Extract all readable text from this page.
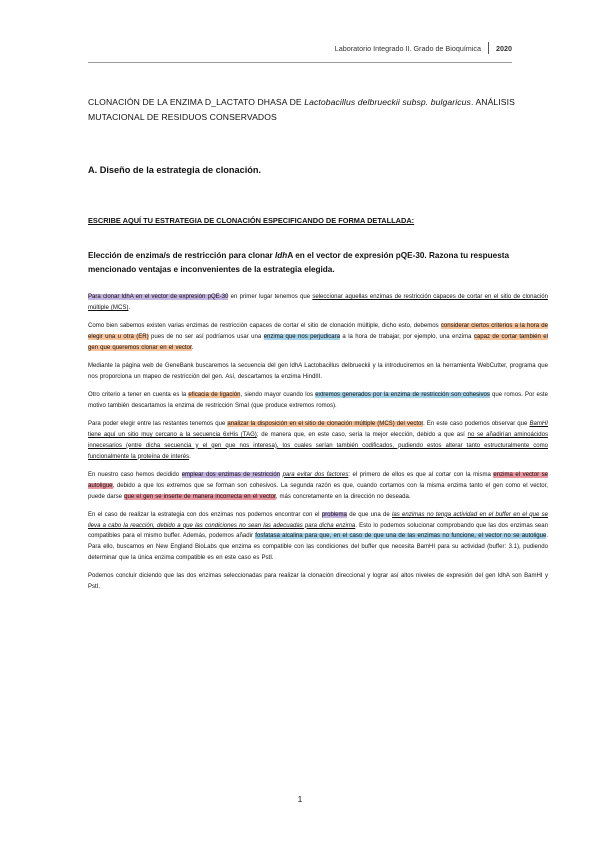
Laboratorio Integrado II. Grado de Bioquímica 2020
CLONACIÓN DE LA ENZIMA D_LACTATO DHASA DE Lactobacillus delbrueckii subsp. bulgaricus. ANÁLISIS MUTACIONAL DE RESIDUOS CONSERVADOS
A. Diseño de la estrategia de clonación.
ESCRIBE AQUÍ TU ESTRATEGIA DE CLONACIÓN ESPECIFICANDO DE FORMA DETALLADA:
Elección de enzima/s de restricción para clonar ldhA en el vector de expresión pQE-30. Razona tu respuesta mencionado ventajas e inconvenientes de la estrategia elegida.

Para clonar ldhA en el vector de expresión pQE-30 en primer lugar tenemos que seleccionar aquellas enzimas de restricción capaces de cortar en el sitio de clonación múltiple (MCS).

Como bien sabemos existen varias enzimas de restricción capaces de cortar el sitio de clonación múltiple, dicho esto, debemos considerar ciertos criterios a la hora de elegir una u otra (ER) pues de no ser así podríamos usar una enzima que nos perjudicara a la hora de trabajar, por ejemplo, una enzima capaz de cortar también el gen que queremos clonar en el vector.

Mediante la página web de GeneBank buscaremos la secuencia del gen ldhA Lactobacillus delbrueckii y la introduciremos en la herramienta WebCutter, programa que nos proporciona un mapeo de restricción del gen. Así, descartamos la enzima HindIII.

Otro criterio a tener en cuenta es la eficacia de ligación, siendo mayor cuando los extremos generados por la enzima de restricción son cohesivos que romos. Por este motivo también descartamos la enzima de restricción SmaI (que produce extremos romos).

Para poder elegir entre las restantes tenemos que analizar la disposición en el sitio de clonación múltiple (MCS) del vector. En este caso podemos observar que BamHI tiene aquí un sitio muy cercano a la secuencia 6xHis (TAG); de manera que, en este caso, sería la mejor elección, debido a que así no se añadirían aminoácidos innecesarios (entre dicha secuencia y el gen que nos interesa), los cuales serían también codificados, pudiendo estos alterar tanto estructuralmente como funcionalmente la proteína de interés.

En nuestro caso hemos decidido emplear dos enzimas de restricción para evitar dos factores: el primero de ellos es que al cortar con la misma enzima el vector se autoligue, debido a que los extremos que se forman son cohesivos. La segunda razón es que, cuando cortamos con la misma enzima tanto el gen como el vector, puede darse que el gen se inserte de manera incorrecta en el vector, más concretamente en la dirección no deseada.

En el caso de realizar la estrategia con dos enzimas nos podemos encontrar con el problema de que una de las enzimas no tenga actividad en el buffer en el que se lleva a cabo la reacción, debido a que las condiciones no sean las adecuadas para dicha enzima. Esto lo podemos solucionar comprobando que las dos enzimas sean compatibles para el mismo buffer. Además, podemos añadir fosfatasa alcalina para que, en el caso de que una de las enzimas no funcione, el vector no se autoligue. Para ello, buscamos en New England BioLabs que enzima es compatible con las condiciones del buffer que necesita BamHI para su actividad (buffer: 3.1), pudiendo determinar que la única enzima compatible es en este caso es PstI.

Podemos concluir diciendo que las dos enzimas seleccionadas para realizar la clonación direccional y lograr así altos niveles de expresión del gen ldhA son BamHI y PstI.

1
